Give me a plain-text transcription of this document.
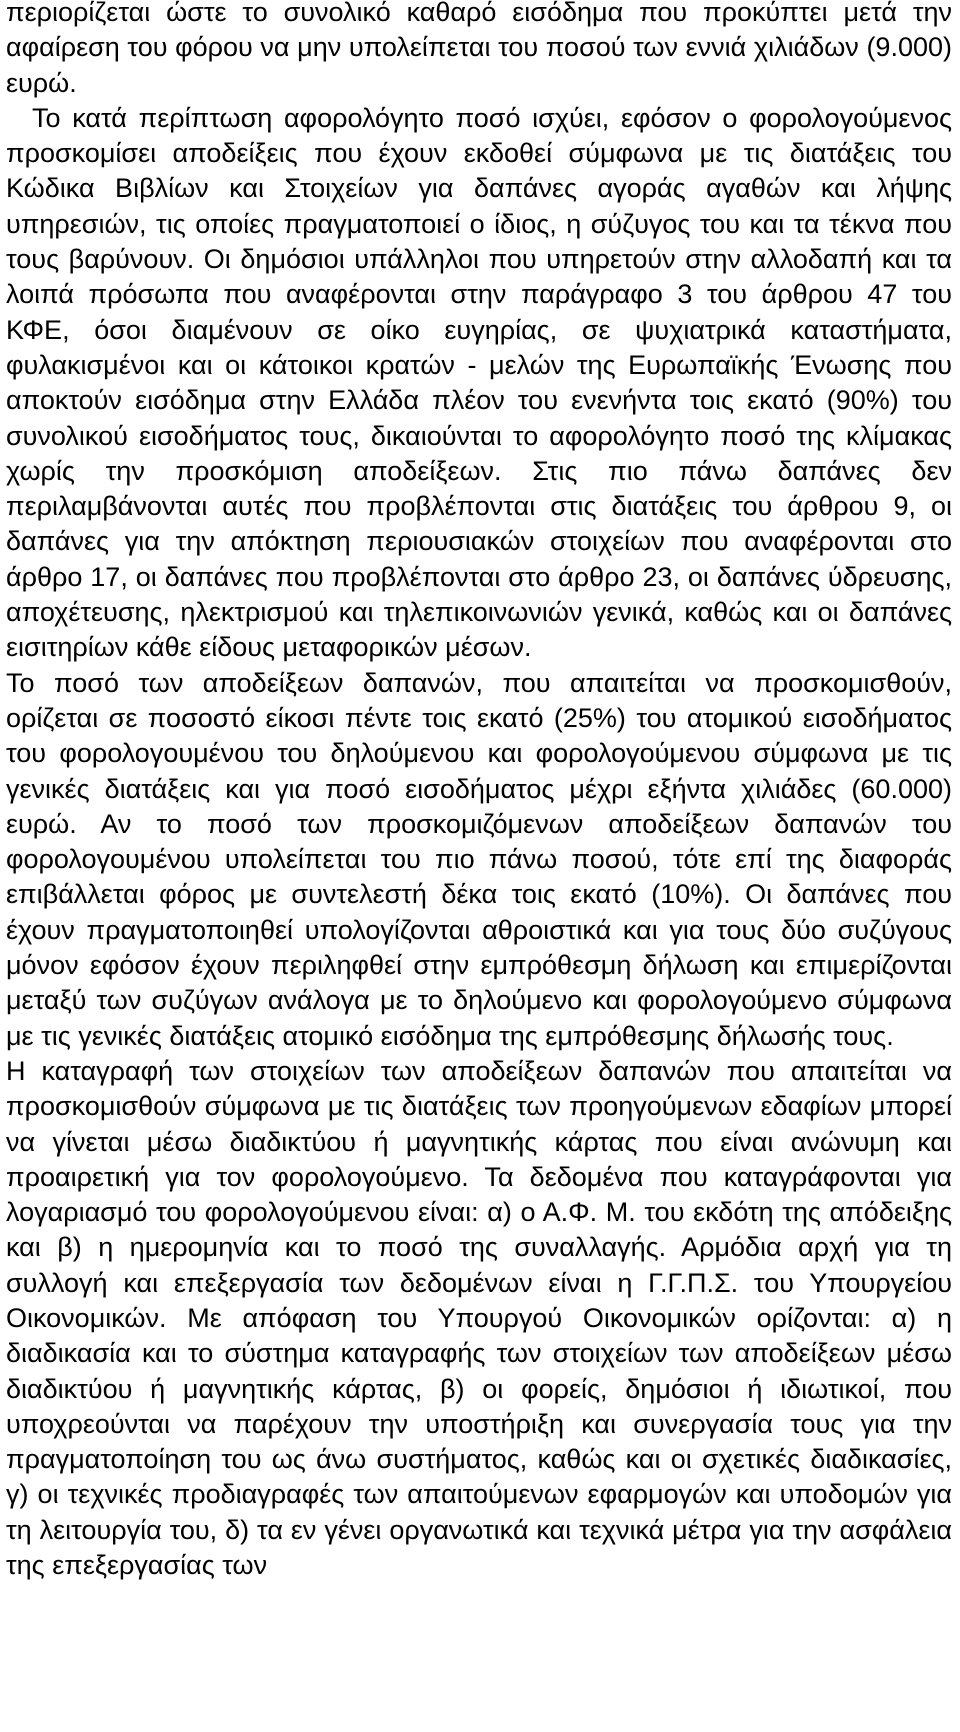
περιορίζεται ώστε το συνολικό καθαρό εισόδημα που προκύπτει μετά την αφαίρεση του φόρου να μην υπολείπεται του ποσού των εννιά χιλιάδων (9.000) ευρώ.

Το κατά περίπτωση αφορολόγητο ποσό ισχύει, εφόσον ο φορολογούμενος προσκομίσει αποδείξεις που έχουν εκδοθεί σύμφωνα με τις διατάξεις του Κώδικα Βιβλίων και Στοιχείων για δαπάνες αγοράς αγαθών και λήψης υπηρεσιών, τις οποίες πραγματοποιεί ο ίδιος, η σύζυγος του και τα τέκνα που τους βαρύνουν. Οι δημόσιοι υπάλληλοι που υπηρετούν στην αλλοδαπή και τα λοιπά πρόσωπα που αναφέρονται στην παράγραφο 3 του άρθρου 47 του ΚΦΕ, όσοι διαμένουν σε οίκο ευγηρίας, σε ψυχιατρικά καταστήματα, φυλακισμένοι και οι κάτοικοι κρατών - μελών της Ευρωπαϊκής Ένωσης που αποκτούν εισόδημα στην Ελλάδα πλέον του ενενήντα τοις εκατό (90%) του συνολικού εισοδήματος τους, δικαιούνται το αφορολόγητο ποσό της κλίμακας χωρίς την προσκόμιση αποδείξεων. Στις πιο πάνω δαπάνες δεν περιλαμβάνονται αυτές που προβλέπονται στις διατάξεις του άρθρου 9, οι δαπάνες για την απόκτηση περιουσιακών στοιχείων που αναφέρονται στο άρθρο 17, οι δαπάνες που προβλέπονται στο άρθρο 23, οι δαπάνες ύδρευσης, αποχέτευσης, ηλεκτρισμού και τηλεπικοινωνιών γενικά, καθώς και οι δαπάνες εισιτηρίων κάθε είδους μεταφορικών μέσων.

Το ποσό των αποδείξεων δαπανών, που απαιτείται να προσκομισθούν, ορίζεται σε ποσοστό είκοσι πέντε τοις εκατό (25%) του ατομικού εισοδήματος του φορολογουμένου του δηλούμενου και φορολογούμενου σύμφωνα με τις γενικές διατάξεις και για ποσό εισοδήματος μέχρι εξήντα χιλιάδες (60.000) ευρώ. Αν το ποσό των προσκομιζόμενων αποδείξεων δαπανών του φορολογουμένου υπολείπεται του πιο πάνω ποσού, τότε επί της διαφοράς επιβάλλεται φόρος με συντελεστή δέκα τοις εκατό (10%). Οι δαπάνες που έχουν πραγματοποιηθεί υπολογίζονται αθροιστικά και για τους δύο συζύγους μόνον εφόσον έχουν περιληφθεί στην εμπρόθεσμη δήλωση και επιμερίζονται μεταξύ των συζύγων ανάλογα με το δηλούμενο και φορολογούμενο σύμφωνα με τις γενικές διατάξεις ατομικό εισόδημα της εμπρόθεσμης δήλωσής τους.

Η καταγραφή των στοιχείων των αποδείξεων δαπανών που απαιτείται να προσκομισθούν σύμφωνα με τις διατάξεις των προηγούμενων εδαφίων μπορεί να γίνεται μέσω διαδικτύου ή μαγνητικής κάρτας που είναι ανώνυμη και προαιρετική για τον φορολογούμενο. Τα δεδομένα που καταγράφονται για λογαριασμό του φορολογούμενου είναι: α) ο Α.Φ. Μ. του εκδότη της απόδειξης και β) η ημερομηνία και το ποσό της συναλλαγής. Αρμόδια αρχή για τη συλλογή και επεξεργασία των δεδομένων είναι η Γ.Γ.Π.Σ. του Υπουργείου Οικονομικών. Με απόφαση του Υπουργού Οικονομικών ορίζονται: α) η διαδικασία και το σύστημα καταγραφής των στοιχείων των αποδείξεων μέσω διαδικτύου ή μαγνητικής κάρτας, β) οι φορείς, δημόσιοι ή ιδιωτικοί, που υποχρεούνται να παρέχουν την υποστήριξη και συνεργασία τους για την πραγματοποίηση του ως άνω συστήματος, καθώς και οι σχετικές διαδικασίες, γ) οι τεχνικές προδιαγραφές των απαιτούμενων εφαρμογών και υποδομών για τη λειτουργία του, δ) τα εν γένει οργανωτικά και τεχνικά μέτρα για την ασφάλεια της επεξεργασίας των
